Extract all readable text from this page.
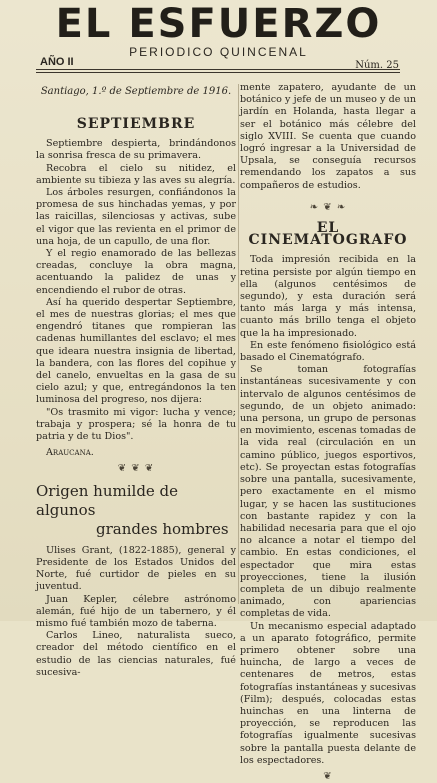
EL ESFUERZO
PERIODICO QUINCENAL
AÑO II	Núm. 25
Santiago, 1.º de Septiembre de 1916.
SEPTIEMBRE

Septiembre despierta, brindándonos la sonrisa fresca de su primavera.

Recobra el cielo su nitidez, el ambiente su tibieza y las aves su alegría.

Los árboles resurgen, confiándonos la promesa de sus hinchadas yemas, y por las raicillas, silenciosas y activas, sube el vigor que las revienta en el primor de una hoja, de un capullo, de una flor.

Y el regio enamorado de las bellezas creadas, concluye la obra magna, acentuando la palidez de unas y encendiendo el rubor de otras.

Así ha querido despertar Septiembre, el mes de nuestras glorias; el mes que engendró titanes que rompieran las cadenas humillantes del esclavo; el mes que ideara nuestra insignia de libertad, la bandera, con las flores del copihue y del canelo, envueltas en la gasa de su cielo azul; y que, entregándonos la ten luminosa del progreso, nos dijera:

"Os trasmito mi vigor: lucha y vence; trabaja y prospera; sé la honra de tu patria y de tu Dios".

Araucana.

❦ ❦ ❦
Origen humilde de algunos
grandes hombres

Ulises Grant, (1822-1885), general y Presidente de los Estados Unidos del Norte, fué curtidor de pieles en su juventud.

Juan Kepler, célebre astrónomo alemán, fué hijo de un tabernero, y él mismo fué también mozo de taberna.

Carlos Lineo, naturalista sueco, creador del método científico en el estudio de las ciencias naturales, fué sucesiva-

mente zapatero, ayudante de un botánico y jefe de un museo y de un jardín en Holanda, hasta llegar a ser el botánico más célebre del siglo XVIII. Se cuenta que cuando logró ingresar a la Universidad de Upsala, se conseguía recursos remendando los zapatos a sus compañeros de estudios.

❧ ❦ ❧
EL CINEMATOGRAFO

Toda impresión recibida en la retina persiste por algún tiempo en ella (algunos centésimos de segundo), y esta duración será tanto más larga y más intensa, cuanto más brillo tenga el objeto que la ha impresionado.

En este fenómeno fisiológico está basado el Cinematógrafo.

Se toman fotografías instantáneas sucesivamente y con intervalo de algunos centésimos de segundo, de un objeto animado: una persona, un grupo de personas en movimiento, escenas tomadas de la vida real (circulación en un camino público, juegos esportivos, etc). Se proyectan estas fotografías sobre una pantalla, sucesivamente, pero exactamente en el mismo lugar, y se hacen las sustituciones con bastante rapidez y con la habilidad necesaria para que el ojo no alcance a notar el tiempo del cambio. En estas condiciones, el espectador que mira estas proyecciones, tiene la ilusión completa de un dibujo realmente animado, con apariencias completas de vida.

Un mecanismo especial adaptado a un aparato fotográfico, permite primero obtener sobre una huincha, de largo a veces de centenares de metros, estas fotografías instantáneas y sucesivas (Film); después, colocadas estas huinchas en una linterna de proyección, se reproducen las fotografías igualmente sucesivas sobre la pantalla puesta delante de los espectadores.

❦
